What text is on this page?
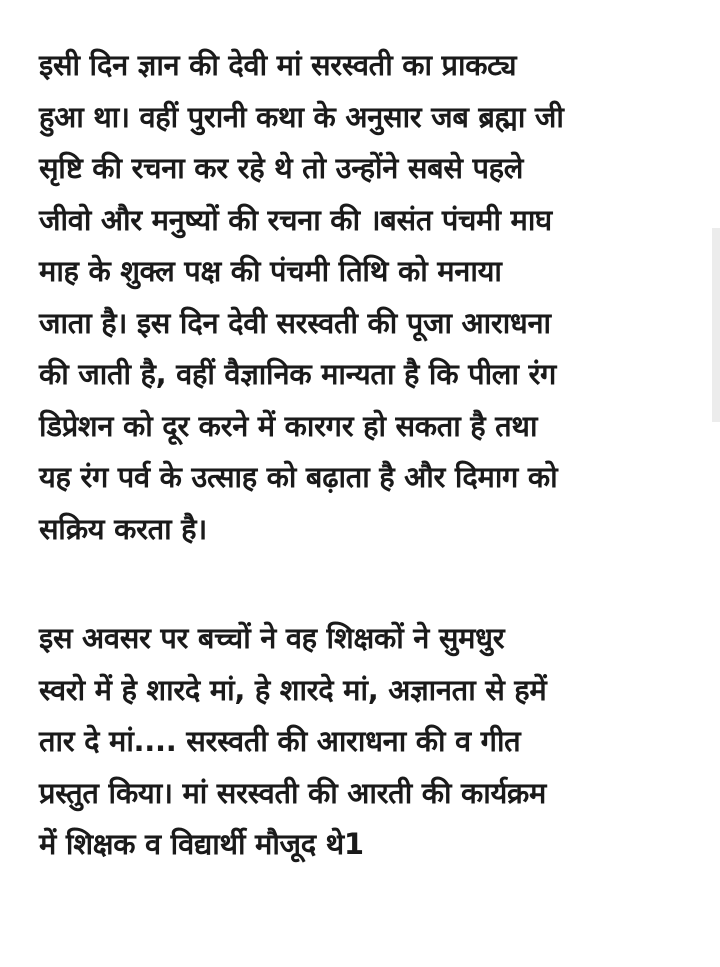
इसी दिन ज्ञान की देवी मां सरस्वती का प्राकट्य
हुआ था। वहीं पुरानी कथा के अनुसार जब ब्रह्मा जी
सृष्टि की रचना कर रहे थे तो उन्होंने सबसे पहले
जीवो और मनुष्यों की रचना की ।बसंत पंचमी माघ
माह के शुक्ल पक्ष की पंचमी तिथि को मनाया
जाता है। इस दिन देवी सरस्वती की पूजा आराधना
की जाती है, वहीं वैज्ञानिक मान्यता है कि पीला रंग
डिप्रेशन को दूर करने में कारगर हो सकता है तथा
यह रंग पर्व के उत्साह को बढ़ाता है और दिमाग को
सक्रिय करता है।
इस अवसर पर बच्चों ने वह शिक्षकों ने सुमधुर
स्वरो में हे शारदे मां, हे शारदे मां, अज्ञानता से हमें
तार दे मां.... सरस्वती की आराधना की व गीत
प्रस्तुत किया। मां सरस्वती की आरती की कार्यक्रम
में शिक्षक व विद्यार्थी मौजूद थे1
